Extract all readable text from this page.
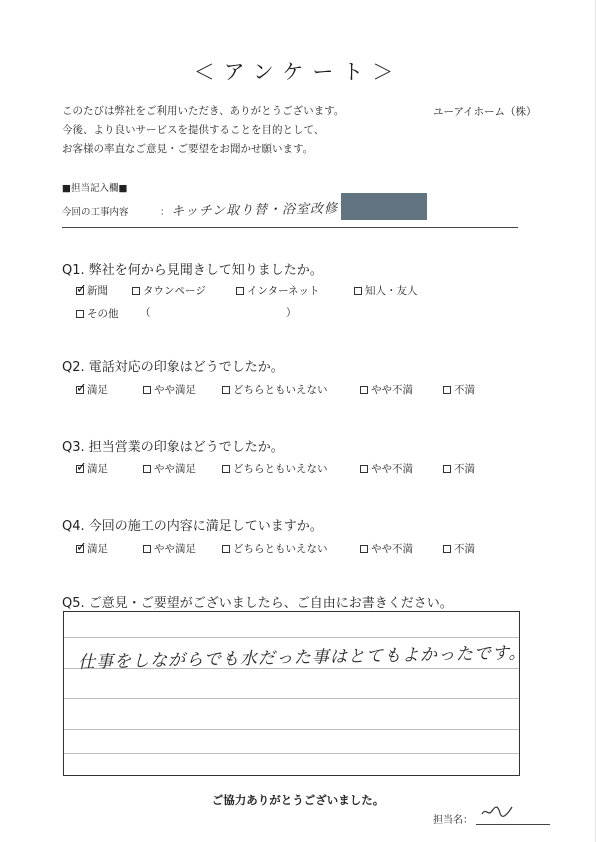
＜アンケート＞
このたびは弊社をご利用いただき、ありがとうございます。
今後、より良いサービスを提供することを目的として、
お客様の率直なご意見・ご要望をお聞かせ願います。
ユーアイホーム（株）
■担当記入欄■
今回の工事内容	： キッチン取り替・浴室改修
Q1. 弊社を何から見聞きして知りましたか。
✓ 新聞	タウンページ	インターネット	知人・友人
その他 （	）
Q2. 電話対応の印象はどうでしたか。
✓ 満足	やや満足	どちらともいえない	やや不満	不満
Q3. 担当営業の印象はどうでしたか。
✓ 満足	やや満足	どちらともいえない	やや不満	不満
Q4. 今回の施工の内容に満足していますか。
✓ 満足	やや満足	どちらともいえない	やや不満	不満
Q5. ご意見・ご要望がございましたら、ご自由にお書きください。
仕事をしながらでも水だった事はとてもよかったです。
ご協力ありがとうございました。
担当名：
